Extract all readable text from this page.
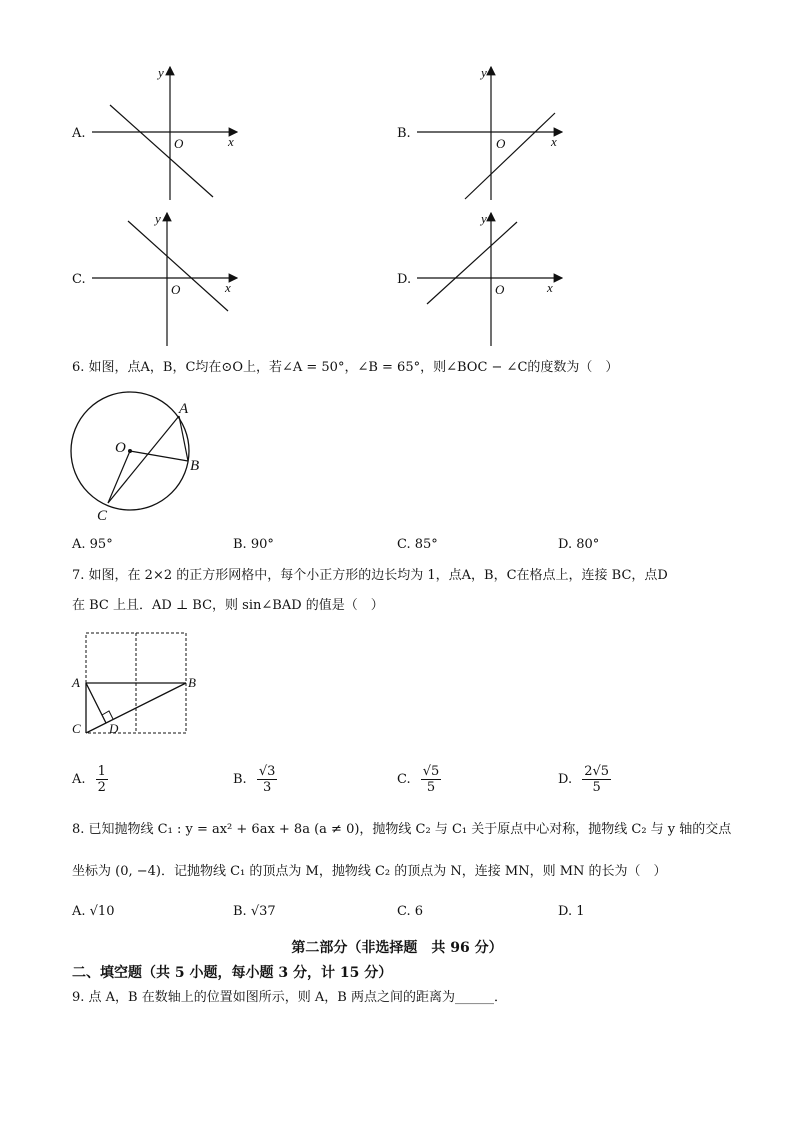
A.	B.
C.	D.
y
x
O
y
x
O
y
x
O
y
x
O
6. 如图，点A，B，C均在⊙O上，若∠A = 50°，∠B = 65°，则∠BOC − ∠C的度数为（　）
A
B
C
O
A. 95°	B. 90°	C. 85°	D. 80°
7. 如图，在 2×2 的正方形网格中，每个小正方形的边长均为 1，点A，B，C在格点上，连接 BC，点D
在 BC 上且．AD ⊥ BC，则 sin∠BAD 的值是（　）
A	B
C D
A. $\frac{1}{2}$	B. $\frac{√3}{3}$	C. $\frac{√5}{5}$	D. $\frac{2√5}{5}$
8. 已知抛物线 C₁ : y = ax² + 6ax + 8a (a ≠ 0)，抛物线 C₂ 与 C₁ 关于原点中心对称，抛物线 C₂ 与 y 轴的交点
坐标为 (0, −4)．记抛物线 C₁ 的顶点为 M，抛物线 C₂ 的顶点为 N，连接 MN，则 MN 的长为（　）
A. √10	B. √37	C. 6	D. 1
第二部分（非选择题　共 96 分）
二、填空题（共 5 小题，每小题 3 分，计 15 分）
9. 点 A，B 在数轴上的位置如图所示，则 A，B 两点之间的距离为______．
